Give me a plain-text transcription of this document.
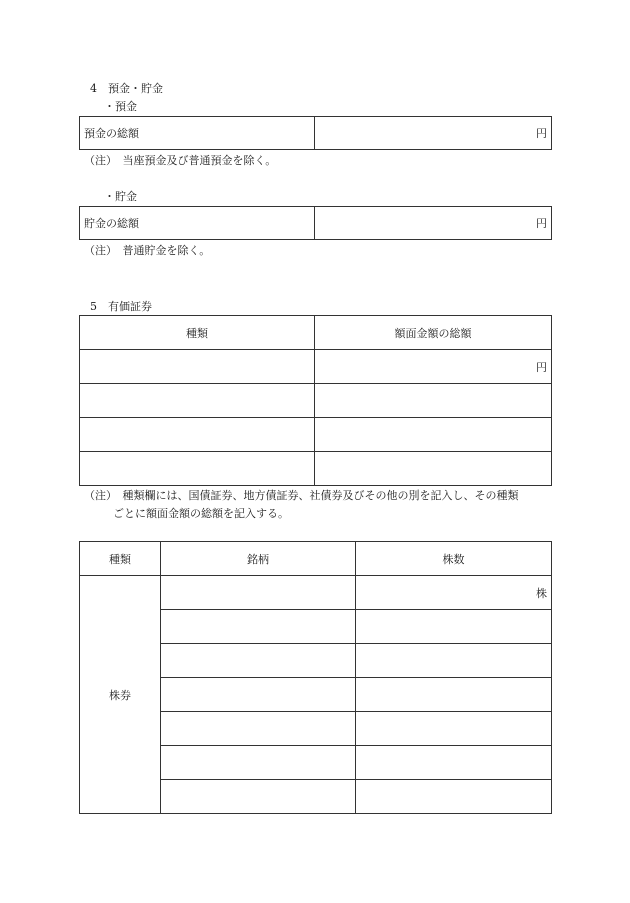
4　預金・貯金
・預金
預金の総額	円
（注）　当座預金及び普通預金を除く。
・貯金
貯金の総額	円
（注）　普通貯金を除く。
5　有価証券
種類	額面金額の総額
	円

（注）　種類欄には、国債証券、地方債証券、社債券及びその他の別を記入し、その種類
ごとに額面金額の総額を記入する。
種類	銘柄	株数
株券		株
